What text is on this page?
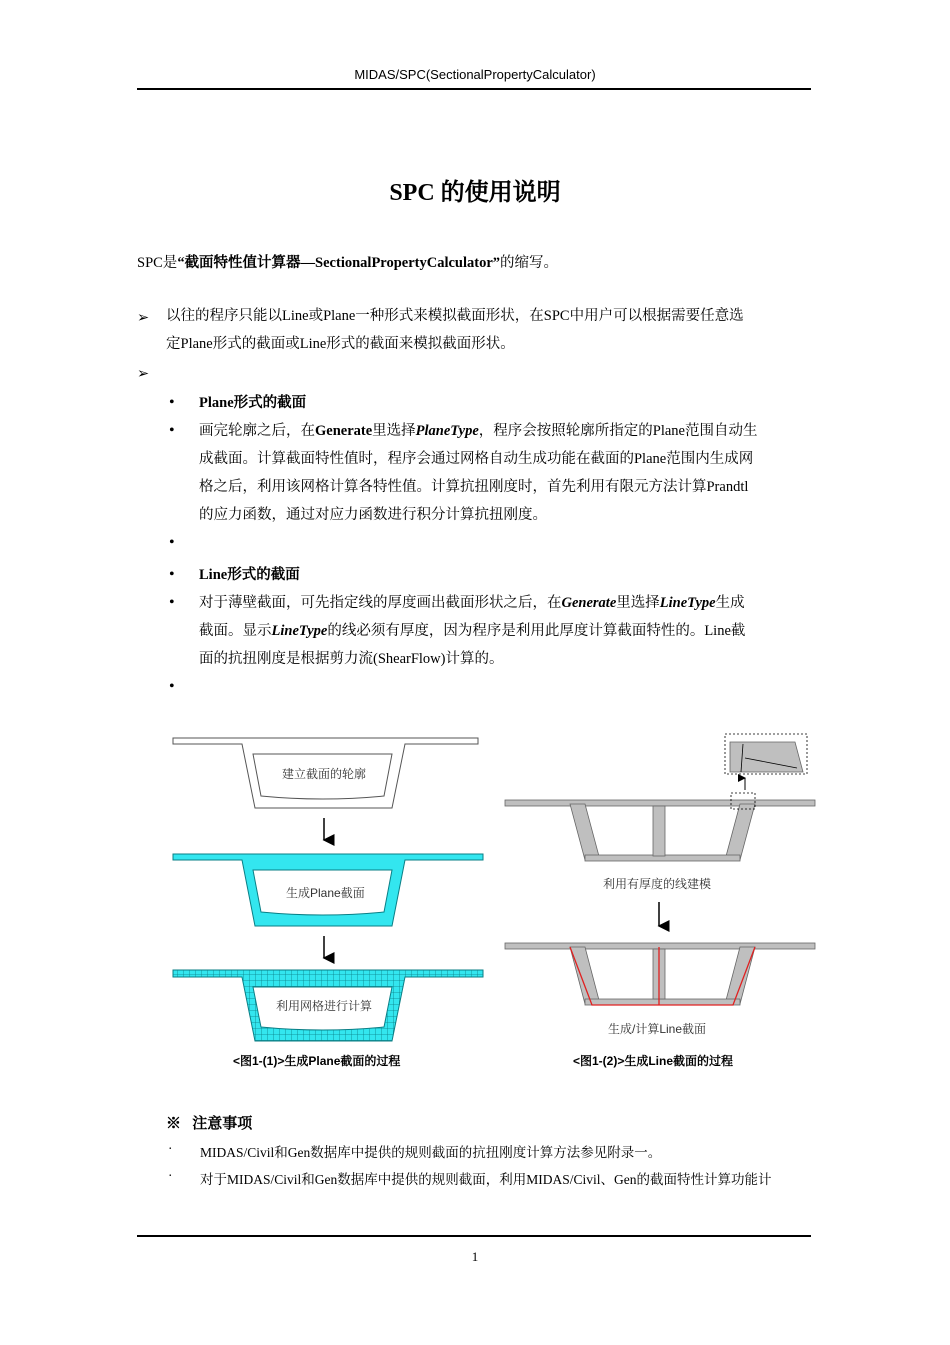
MIDAS/SPC(SectionalPropertyCalculator)
SPC 的使用说明
SPC是“截面特性值计算器—SectionalPropertyCalculator”的缩写。
➢ 以往的程序只能以Line或Plane一种形式来模拟截面形状，在SPC中用户可以根据需要任意选
定Plane形式的截面或Line形式的截面来模拟截面形状。
➢
• Plane形式的截面
• 画完轮廓之后，在Generate里选择PlaneType，程序会按照轮廓所指定的Plane范围自动生
成截面。计算截面特性值时，程序会通过网格自动生成功能在截面的Plane范围内生成网
格之后，利用该网格计算各特性值。计算抗扭刚度时，首先利用有限元方法计算Prandtl
的应力函数，通过对应力函数进行积分计算抗扭刚度。
•
• Line形式的截面
• 对于薄壁截面，可先指定线的厚度画出截面形状之后，在Generate里选择LineType生成
截面。显示LineType的线必须有厚度，因为程序是利用此厚度计算截面特性的。Line截
面的抗扭刚度是根据剪力流(ShearFlow)计算的。
•
建立截面的轮廓
生成Plane截面
利用网格进行计算
<图1-(1)>生成Plane截面的过程
利用有厚度的线建模
生成/计算Line截面
<图1-(2)>生成Line截面的过程
※ 注意事项
· MIDAS/Civil和Gen数据库中提供的规则截面的抗扭刚度计算方法参见附录一。
· 对于MIDAS/Civil和Gen数据库中提供的规则截面，利用MIDAS/Civil、Gen的截面特性计算功能计
1
